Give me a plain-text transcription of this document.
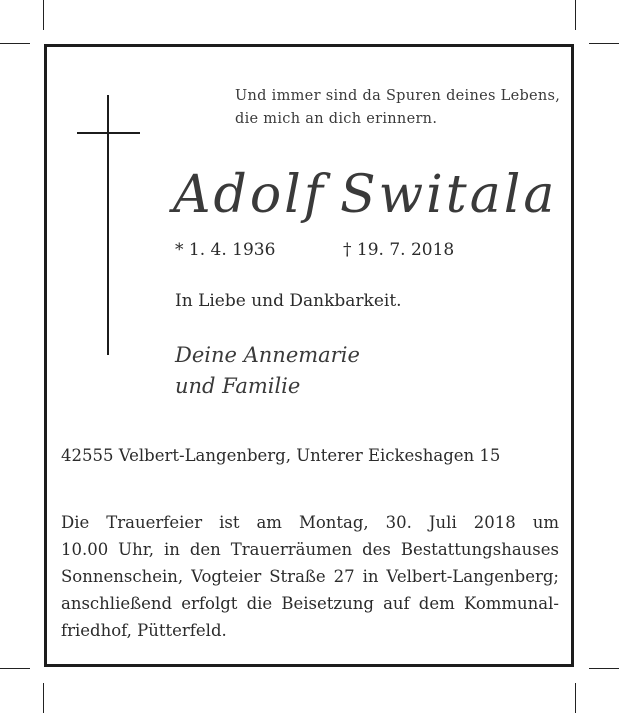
Und immer sind da Spuren deines Lebens,
die mich an dich erinnern.
Adolf Switala
* 1. 4. 1936	† 19. 7. 2018
In Liebe und Dankbarkeit.
Deine Annemarie
und Familie
42555 Velbert-Langenberg, Unterer Eickeshagen 15
Die Trauerfeier ist am Montag, 30. Juli 2018 um
10.00 Uhr, in den Trauerräumen des Bestattungshauses
Sonnenschein, Vogteier Straße 27 in Velbert-Langenberg;
anschließend erfolgt die Beisetzung auf dem Kommunal-
friedhof, Pütterfeld.
